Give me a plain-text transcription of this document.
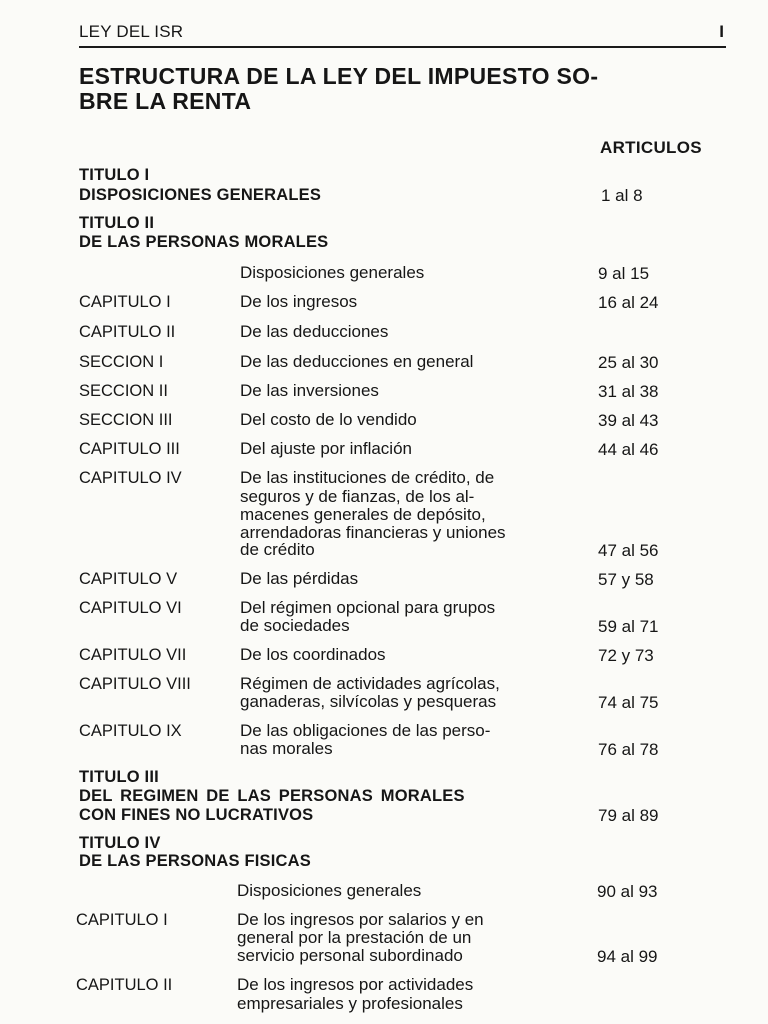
LEY DEL ISR	I
ESTRUCTURA DE LA LEY DEL IMPUESTO SO-
BRE LA RENTA
ARTICULOS
TITULO I
DISPOSICIONES GENERALES	1 al 8
TITULO II
DE LAS PERSONAS MORALES
Disposiciones generales	9 al 15
CAPITULO I	De los ingresos	16 al 24
CAPITULO II	De las deducciones
SECCION I	De las deducciones en general	25 al 30
SECCION II	De las inversiones	31 al 38
SECCION III	Del costo de lo vendido	39 al 43
CAPITULO III	Del ajuste por inflación	44 al 46
CAPITULO IV	De las instituciones de crédito, de
seguros y de fianzas, de los al-
macenes generales de depósito,
arrendadoras financieras y uniones
de crédito	47 al 56
CAPITULO V	De las pérdidas	57 y 58
CAPITULO VI	Del régimen opcional para grupos
de sociedades	59 al 71
CAPITULO VII	De los coordinados	72 y 73
CAPITULO VIII	Régimen de actividades agrícolas,
ganaderas, silvícolas y pesqueras	74 al 75
CAPITULO IX	De las obligaciones de las perso-
nas morales	76 al 78
TITULO III
DEL REGIMEN DE LAS PERSONAS MORALES
CON FINES NO LUCRATIVOS	79 al 89
TITULO IV
DE LAS PERSONAS FISICAS
Disposiciones generales	90 al 93
CAPITULO I	De los ingresos por salarios y en
general por la prestación de un
servicio personal subordinado	94 al 99
CAPITULO II	De los ingresos por actividades
empresariales y profesionales
